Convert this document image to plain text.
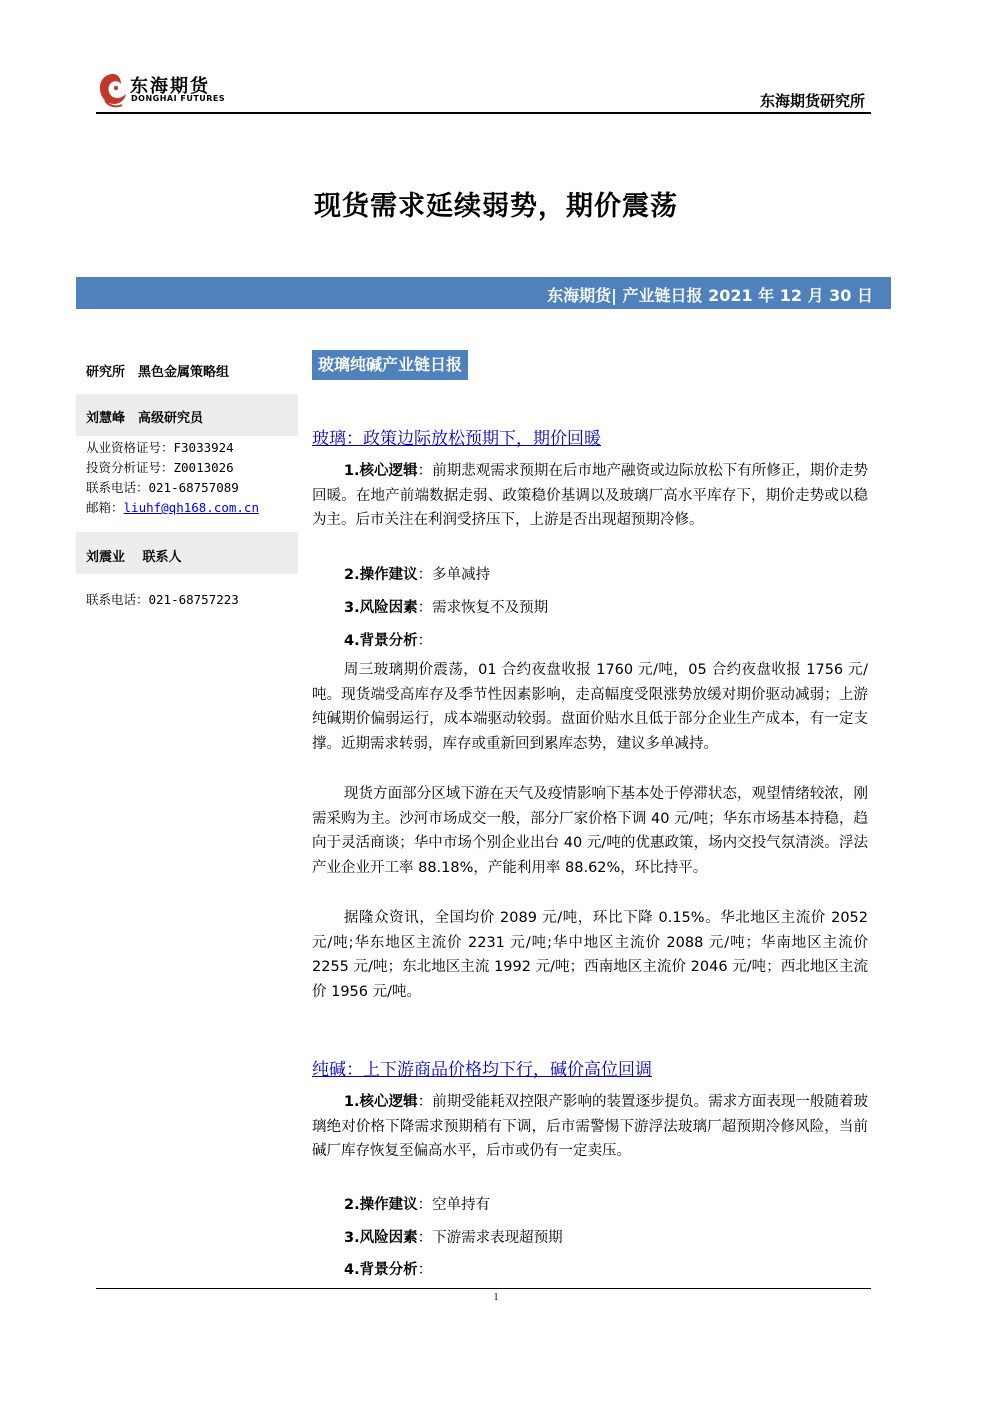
东海期货
DONGHAI FUTURES	东海期货研究所
现货需求延续弱势，期价震荡
东海期货| 产业链日报 2021 年 12 月 30 日
研究所　黑色金属策略组
刘慧峰　高级研究员
从业资格证号：F3033924
投资分析证号：Z0013026
联系电话：021-68757089
邮箱：liuhf@qh168.com.cn
刘震业　 联系人
联系电话：021-68757223
玻璃纯碱产业链日报
玻璃：政策边际放松预期下，期价回暖
1.核心逻辑：前期悲观需求预期在后市地产融资或边际放松下有所修正，期价走势回暖。在地产前端数据走弱、政策稳价基调以及玻璃厂高水平库存下，期价走势或以稳为主。后市关注在利润受挤压下，上游是否出现超预期冷修。
2.操作建议：多单减持
3.风险因素：需求恢复不及预期
4.背景分析：
周三玻璃期价震荡，01 合约夜盘收报 1760 元/吨，05 合约夜盘收报 1756 元/吨。现货端受高库存及季节性因素影响，走高幅度受限涨势放缓对期价驱动减弱；上游纯碱期价偏弱运行，成本端驱动较弱。盘面价贴水且低于部分企业生产成本，有一定支撑。近期需求转弱，库存或重新回到累库态势，建议多单减持。
现货方面部分区域下游在天气及疫情影响下基本处于停滞状态，观望情绪较浓，刚需采购为主。沙河市场成交一般，部分厂家价格下调 40 元/吨；华东市场基本持稳，趋向于灵活商谈；华中市场个别企业出台 40 元/吨的优惠政策，场内交投气氛清淡。浮法产业企业开工率 88.18%，产能利用率 88.62%，环比持平。
据隆众资讯，全国均价 2089 元/吨，环比下降 0.15%。华北地区主流价 2052 元/吨;华东地区主流价 2231 元/吨;华中地区主流价 2088 元/吨；华南地区主流价 2255 元/吨；东北地区主流 1992 元/吨；西南地区主流价 2046 元/吨；西北地区主流价 1956 元/吨。
纯碱：上下游商品价格均下行，碱价高位回调
1.核心逻辑：前期受能耗双控限产影响的装置逐步提负。需求方面表现一般随着玻璃绝对价格下降需求预期稍有下调，后市需警惕下游浮法玻璃厂超预期冷修风险，当前碱厂库存恢复至偏高水平，后市或仍有一定卖压。
2.操作建议：空单持有
3.风险因素：下游需求表现超预期
4.背景分析：
1
